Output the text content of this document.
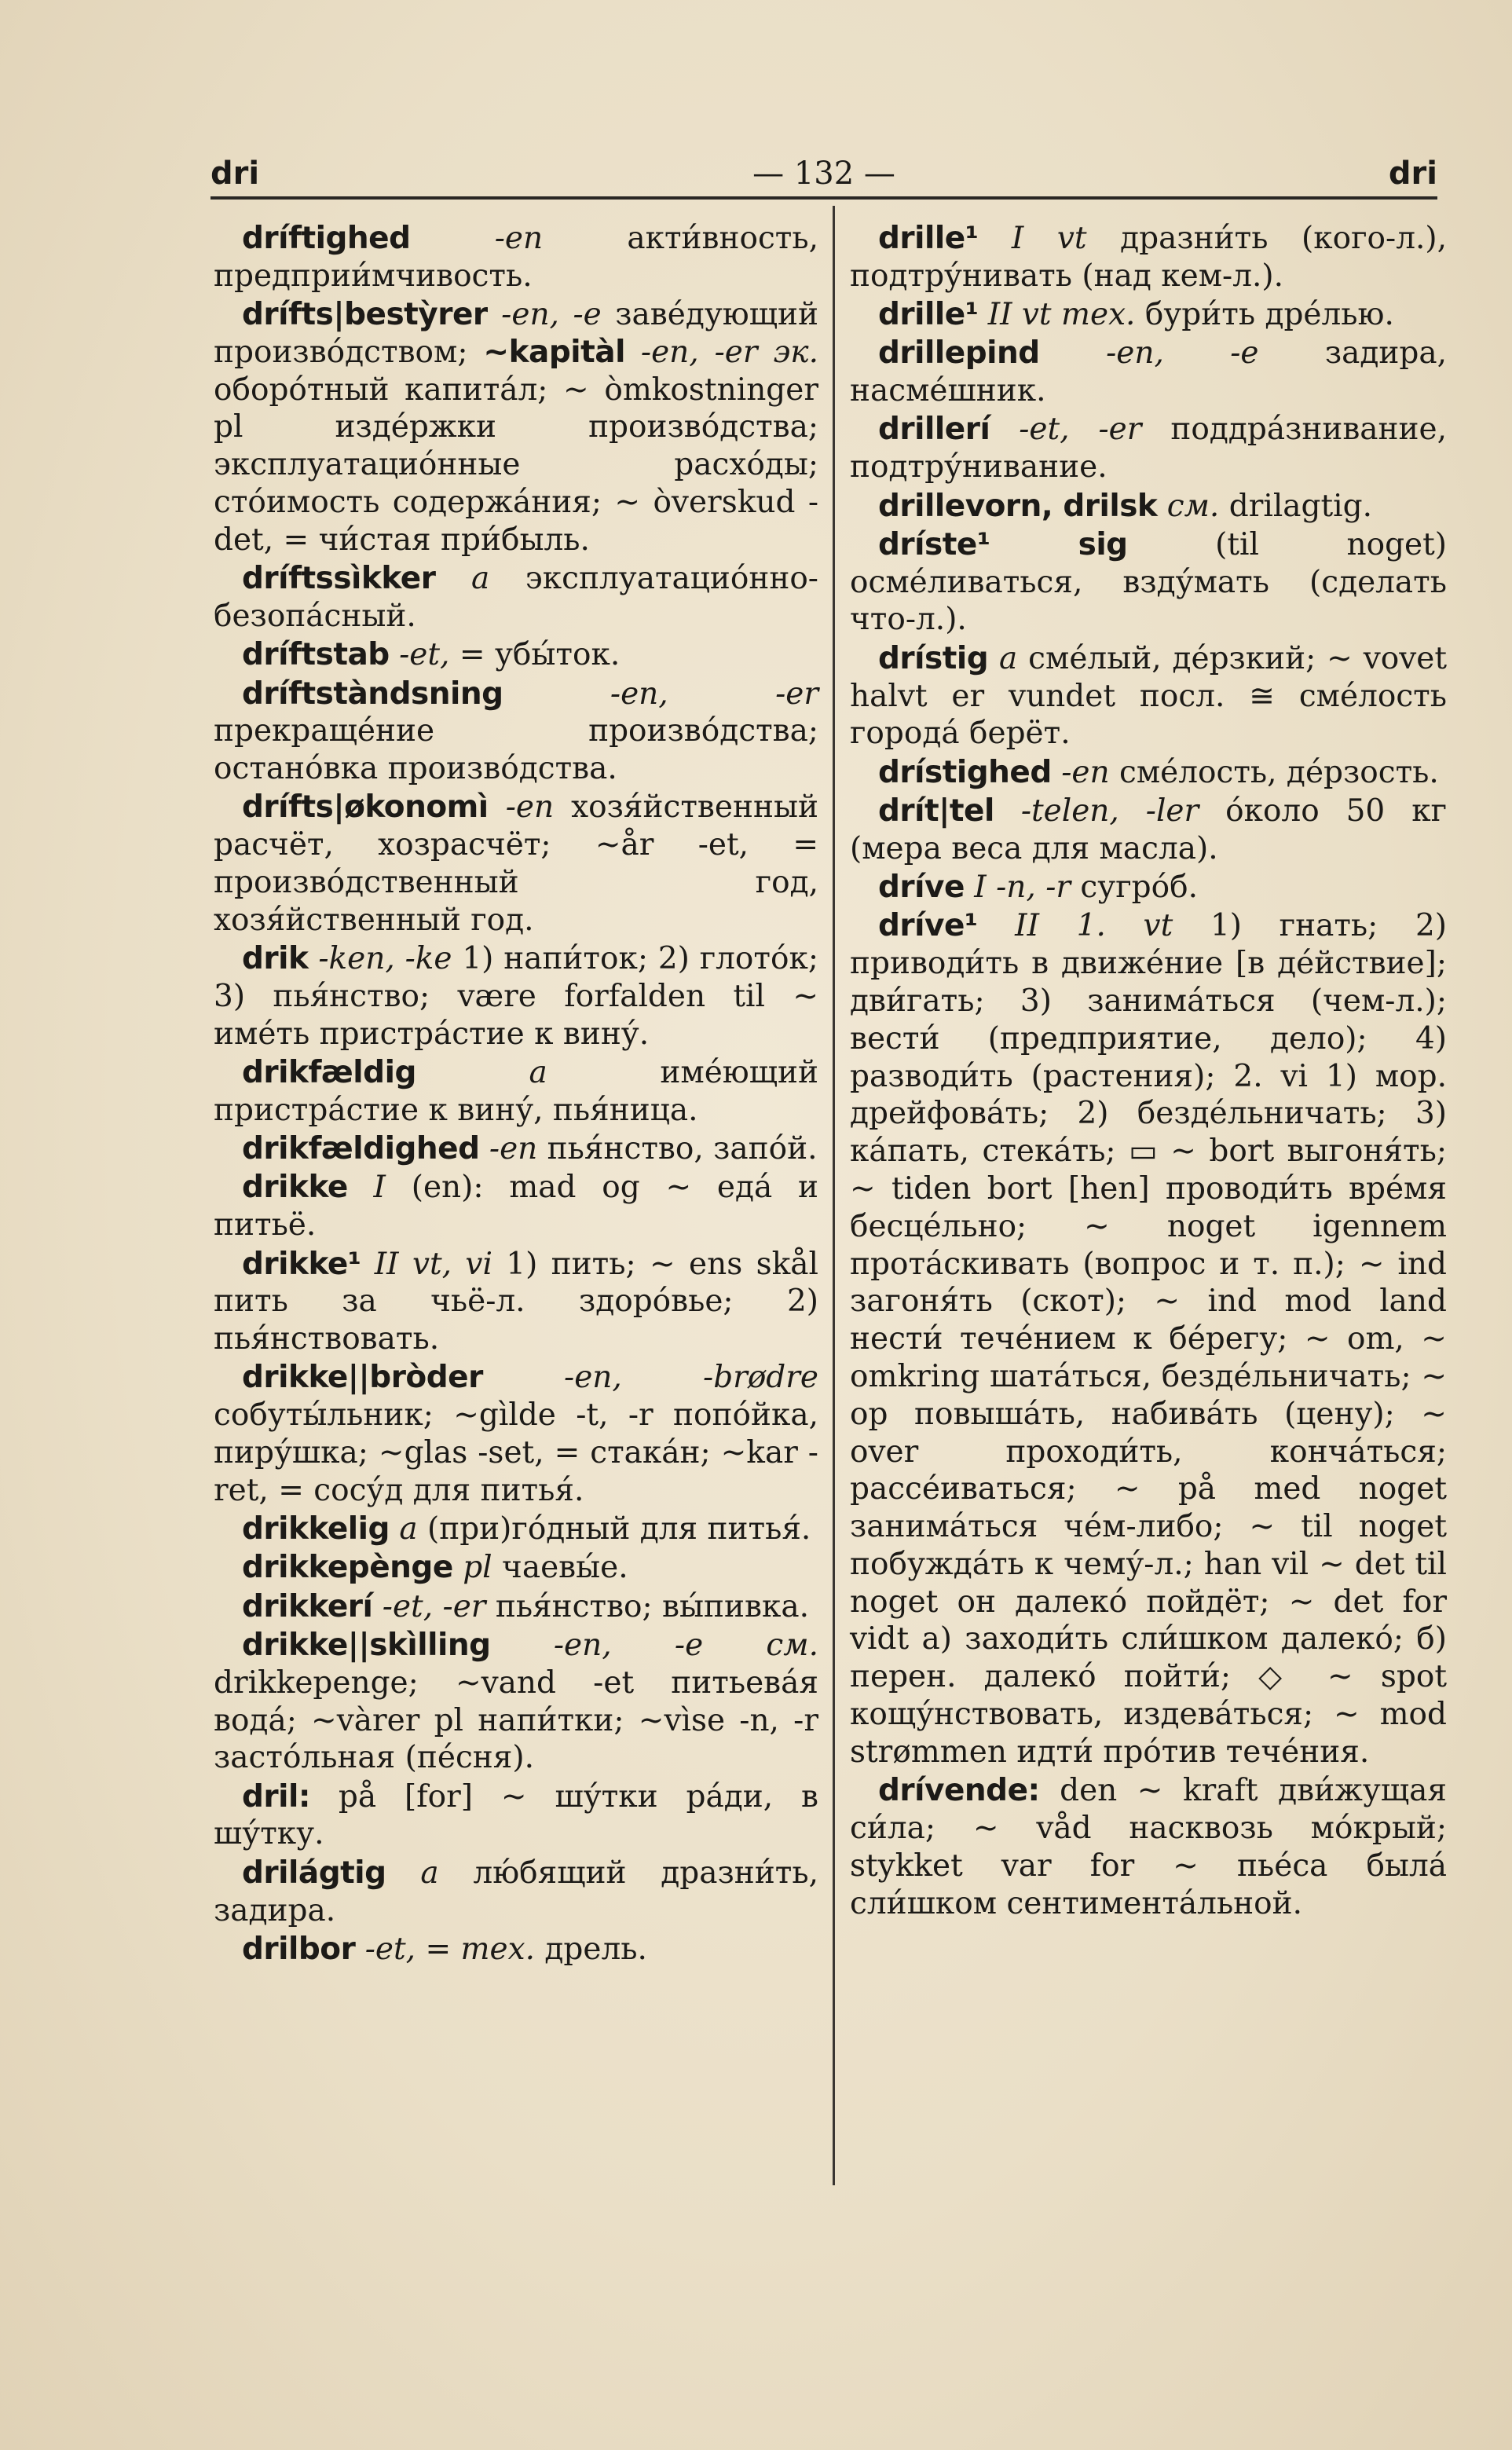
dri	— 132 —	dri

dríftighed -en акти́вность, предприи́мчивость.

drífts|bestỳrer -en, -e заве́дующий произво́дством; ~kapitàl -en, -er эк. оборо́тный капита́л; ~ òmkostninger pl изде́ржки произво́дства; эксплуатацио́нные расхо́ды; сто́имость содержа́ния; ~ òverskud -det, = чи́стая при́быль.

dríftssìkker a эксплуатацио́нно-безопа́сный.

dríftstab -et, = убы́ток.

dríftstàndsning -en, -er прекраще́ние произво́дства; остано́вка произво́дства.

drífts|økonomì -en хозя́йственный расчёт, хозрасчёт; ~år -et, = произво́дственный год, хозя́йственный год.

drik -ken, -ke 1) напи́ток; 2) глото́к; 3) пья́нство; være forfalden til ~ име́ть пристра́стие к вину́.

drikfældig a име́ющий пристра́стие к вину́, пья́ница.

drikfældighed -en пья́нство, запо́й.

drikke I (en): mad og ~ еда́ и питьё.

drikke¹ II vt, vi 1) пить; ~ ens skål пить за чьё-л. здоро́вье; 2) пья́нствовать.

drikke||bròder -en, -brødre собуты́льник; ~gìlde -t, -r попо́йка, пиру́шка; ~glas -set, = стака́н; ~kar -ret, = сосу́д для питья́.

drikkelig a (при)го́дный для питья́.

drikkepènge pl чаевы́е.

drikkerí -et, -er пья́нство; вы́пивка.

drikke||skìlling -en, -e см. drikkepenge; ~vand -et питьева́я вода́; ~vàrer pl напи́тки; ~vìse -n, -r засто́льная (пе́сня).

dril: på [for] ~ шу́тки ра́ди, в шу́тку.

drilágtig a лю́бящий дразни́ть, задира.

drilbor -et, = тех. дрель.

drille¹ I vt дразни́ть (кого-л.), подтру́нивать (над кем-л.).

drille¹ II vt тех. бури́ть дре́лью.

drillepind -en, -e задира, насме́шник.

drillerí -et, -er поддра́знивание, подтру́нивание.

drillevorn, drilsk см. drilagtig.

dríste¹ sig (til noget) осме́ливаться, взду́мать (сделать что-л.).

drístig a сме́лый, де́рзкий; ~ vovet halvt er vundet посл. ≅ сме́лость города́ берёт.

drístighed -en сме́лость, де́рзость.

drít|tel -telen, -ler о́коло 50 кг (мера веса для масла).

dríve I -n, -r сугро́б.

dríve¹ II 1. vt 1) гнать; 2) приводи́ть в движе́ние [в де́йствие]; дви́гать; 3) занима́ться (чем-л.); вести́ (предприятие, дело); 4) разводи́ть (растения); 2. vi 1) мор. дрейфова́ть; 2) безде́льничать; 3) ка́пать, стека́ть; ▭ ~ bort выгоня́ть; ~ tiden bort [hen] проводи́ть вре́мя бесце́льно; ~ noget igennem прота́скивать (вопрос и т. п.); ~ ind загоня́ть (скот); ~ ind mod land нести́ тече́нием к бе́регу; ~ om, ~ omkring шата́ться, безде́льничать; ~ op повыша́ть, набива́ть (цену); ~ over проходи́ть, конча́ться; рассе́иваться; ~ på med noget занима́ться че́м-либо; ~ til noget побужда́ть к чему́-л.; han vil ~ det til noget он далеко́ пойдёт; ~ det for vidt а) заходи́ть сли́шком далеко́; б) перен. далеко́ пойти́; ◇ ~ spot кощу́нствовать, издева́ться; ~ mod strømmen идти́ про́тив тече́ния.

drívende: den ~ kraft дви́жущая си́ла; ~ våd насквозь мо́крый; stykket var for ~ пье́са была́ сли́шком сентимента́льной.
